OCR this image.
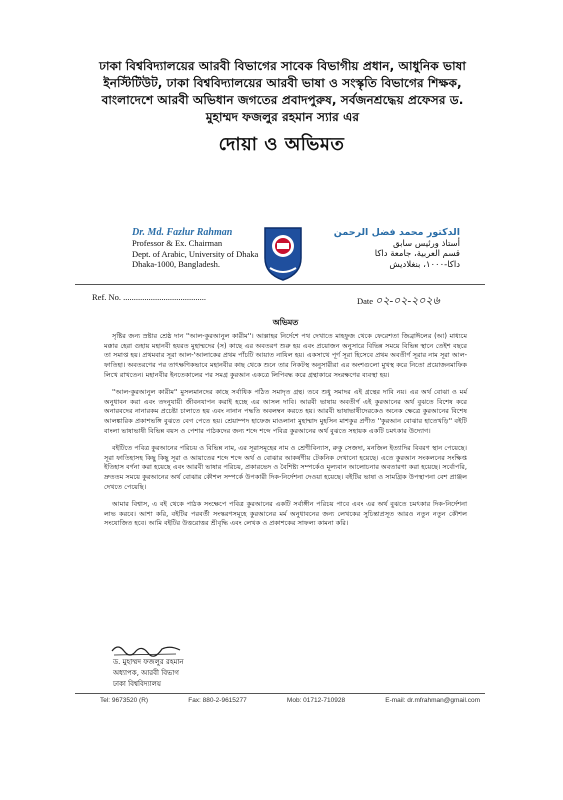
ঢাকা বিশ্ববিদ্যালয়ের আরবী বিভাগের সাবেক বিভাগীয় প্রধান, আধুনিক ভাষা
ইনস্টিটিউট, ঢাকা বিশ্ববিদ্যালয়ের আরবী ভাষা ও সংস্কৃতি বিভাগের শিক্ষক,
বাংলাদেশে আরবী অভিধান জগতের প্রবাদপুরুষ, সর্বজনশ্রদ্ধেয় প্রফেসর ড.
মুহাম্মদ ফজলুর রহমান স্যার এর
দোয়া ও অভিমত
Dr. Md. Fazlur Rahman
Professor & Ex. Chairman
Dept. of Arabic, University of Dhaka
Dhaka-1000, Bangladesh.
الدكتور محمد فضل الرحمن
أستاذ ورئيس سابق
قسم العربية، جامعة داكا
داكا-١٠٠٠، بنغلاديش
Ref. No. .......................................	Date ০২-০২-২০২৬
অভিমত

সৃষ্টির জন্য স্রষ্টার শ্রেষ্ঠ দান ''আল-কুরআনুল কারীম''। আল্লাহর নির্দেশে পথ দেখাতে মাহফুজ থেকে ফেরেশতা জিব্রাঈলের (আ) মাধ্যমে মক্কার হেরা গুহায় মহানবী হযরত মুহাম্মদের (স) কাছে এর অবতরণ শুরু হয় এবং প্রয়োজন অনুসারে বিভিন্ন সময়ে বিভিন্ন স্থানে তেইশ বছরে তা সমাপ্ত হয়। প্রথমবার সূরা আল-'আলাকের প্রথম পাঁচটি আয়াত নাযিল হয়। একসাথে পূর্ণ সূরা হিসেবে প্রথম অবতীর্ণ সূরার নাম সূরা আল-ফাতিহা। অবতরণের পর তাৎক্ষণিকভাবে মহানবীর কাছ থেকে শুনে তার নিকটস্থ অনুসারীরা এর অংশগুলো মুখস্থ করে নিতো প্রয়োজনমাফিক লিখে রাখতেন। মহানবীর ইনতেকালের পর সমগ্র কুরআন একত্রে লিপিবদ্ধ করে গ্রন্থাকারে সংরক্ষণের ব্যবস্থা হয়।

''আল-কুরআনুল কারীম'' মুসলমানদের কাছে সর্বাধিক পঠিত সমাদৃত গ্রন্থ। তবে শুধু সমাদর এই গ্রন্থের দাবি নয়। এর অর্থ বোঝা ও মর্ম অনুধাবন করা এবং তদনুযায়ী জীবনযাপন করাই হচ্ছে এর আসল দাবি। আরবী ভাষায় অবতীর্ণ এই কুরআনের অর্থ বুঝতে বিশেষ করে অনারবদের নানারকম প্রচেষ্টা চালাতে হয় এবং নানান পদ্ধতি অবলম্বন করতে হয়। আরবী ভাষাভাষীদেরকেও অনেক ক্ষেত্রে কুরআনের বিশেষ আলঙ্কারিক প্রকাশভঙ্গি বুঝতে বেগ পেতে হয়। শ্রেয়াম্পদ হাফেজ মাওলানা মুহাম্মাদ মুহসিন মাশকুর প্রণীত ''কুরআন বোঝার হাতেখড়ি'' বইটি বাংলা ভাষাভাষী বিভিন্ন বয়স ও পেশার পাঠকদের জন্য শব্দে শব্দে পবিত্র কুরআনের অর্থ বুঝতে সহায়ক একটি চমৎকার উদ্যোগ।

বইটিতে পবিত্র কুরআনের পরিচয় ও বিভিন্ন নাম, এর সূরাসমূহের নাম ও শ্রেণীবিন্যাস, রুকু সেজদা, মনজিল ইত্যাদির বিবরণ স্থান পেয়েছে। সূরা ফাতিহাসহ কিছু কিছু সূরা ও আয়াতের শব্দে শব্দে অর্থ ও বোঝার আকর্ষণীয় টেকনিক দেখানো হয়েছে। এতে কুরআন সংকলনের সংক্ষিপ্ত ইতিহাস বর্ণনা করা হয়েছে এবং আরবী ভাষার পরিচয়, প্রকারভেদ ও বৈশিষ্ট্য সম্পর্কেও মূল্যবান আলোচনার অবতারণা করা হয়েছে। সর্বোপরি, দ্রুততম সময়ে কুরআনের অর্থ বোঝার কৌশল সম্পর্কে উপকারী দিক-নির্দেশনা দেওয়া হয়েছে। বইটির ভাষা ও সামগ্রিক উপস্থাপনা বেশ প্রাঞ্জল দেখতে পেয়েছি।

আমার বিশ্বাস, এ বই থেকে পাঠক সংক্ষেপে পবিত্র কুরআনের একটি সর্বাঙ্গীন পরিচয় পাবে এবং এর অর্থ বুঝতে চমৎকার দিক-নির্দেশনা লাভ করবে। আশা করি, বইটির পরবর্তী সংস্করণসমূহে কুরআনের মর্ম অনুধাবনের জন্য লেখকের সুচিন্তাপ্রসূত আরও নতুন নতুন কৌশল সংযোজিত হবে। আমি বইটির উত্তরোত্তর শ্রীবৃদ্ধি এবং লেখক ও প্রকাশকের সাফল্য কামনা করি।

ড. মুহাম্মদ ফজলুর রহমান
অধ্যাপক, আরবী বিভাগ
ঢাকা বিশ্ববিদ্যালয়
Tel: 9673520 (R)	Fax: 880-2-9615277	Mob: 01712-710928	E-mail: dr.mfrahman@gmail.com
